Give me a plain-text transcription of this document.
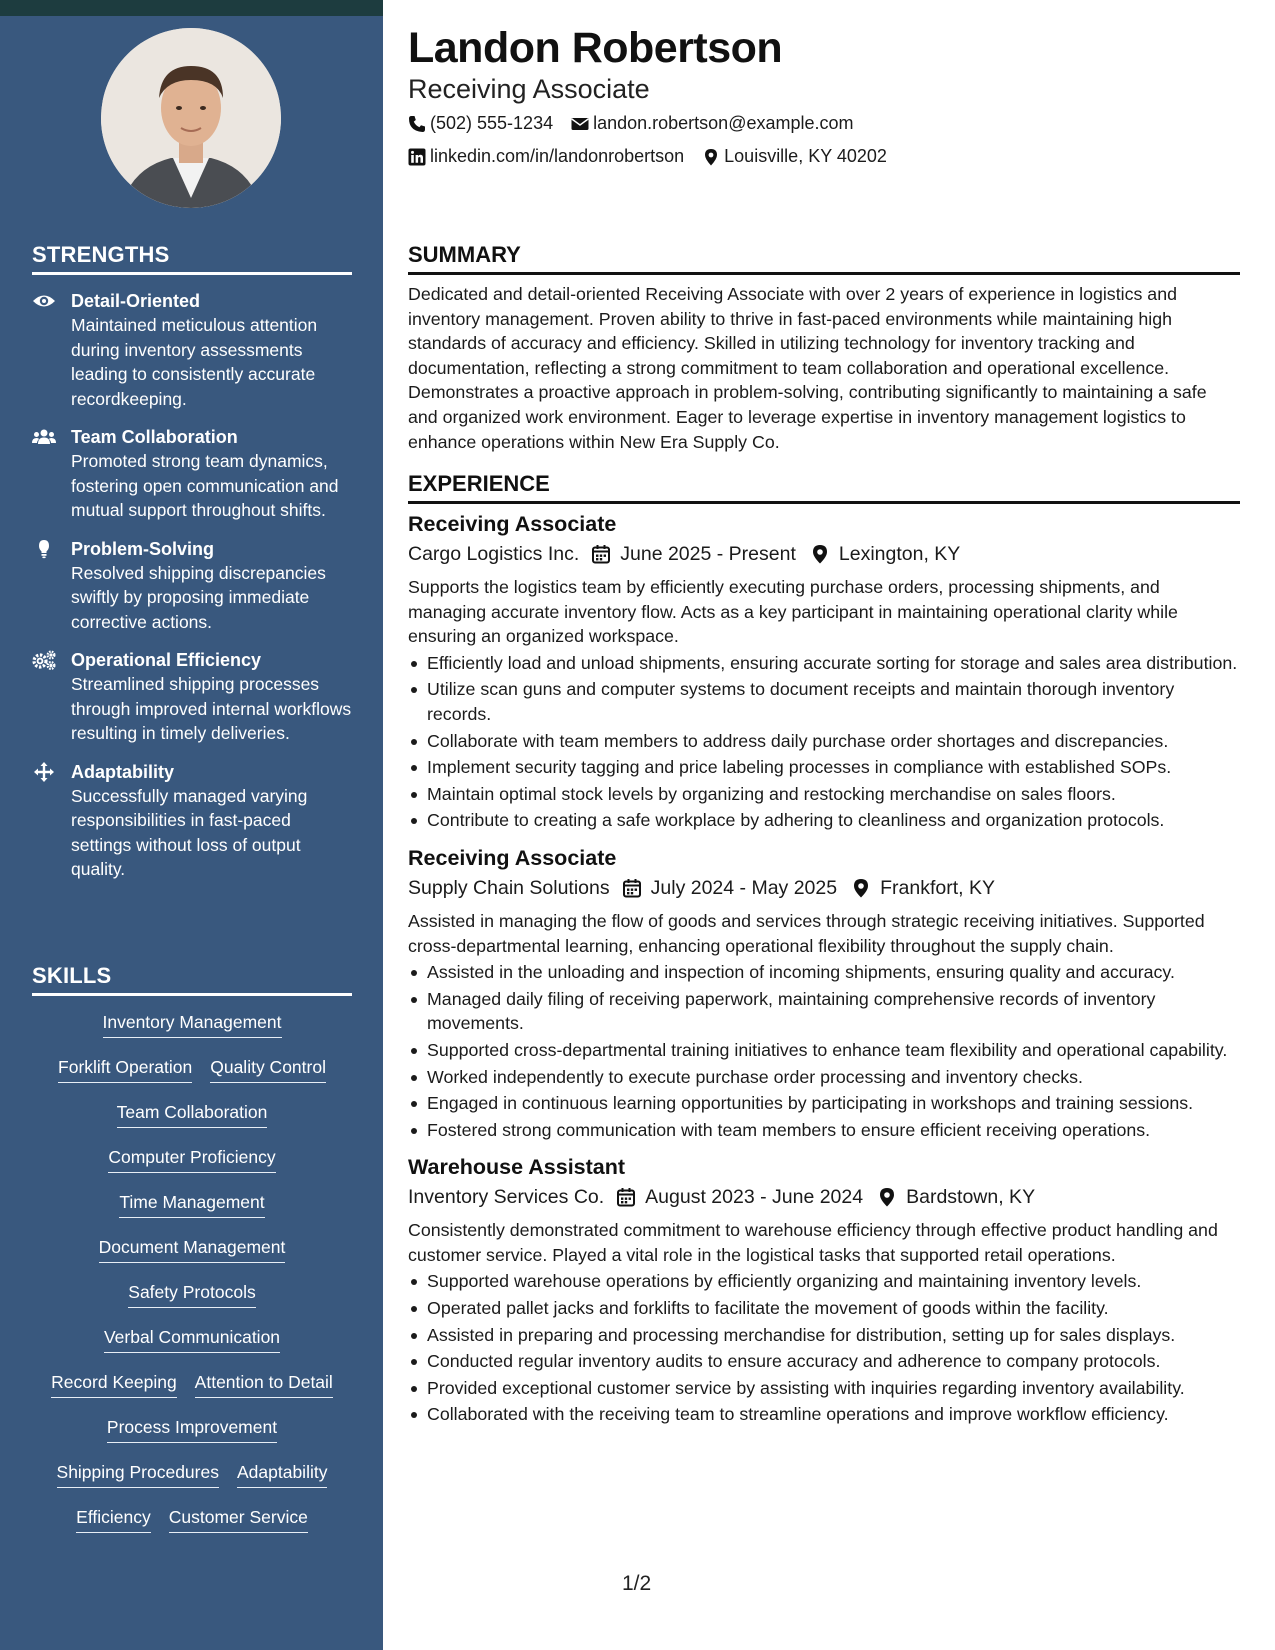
STRENGTHS
Detail-Oriented
Maintained meticulous attention during inventory assessments leading to consistently accurate recordkeeping.
Team Collaboration
Promoted strong team dynamics, fostering open communication and mutual support throughout shifts.
Problem-Solving
Resolved shipping discrepancies swiftly by proposing immediate corrective actions.
Operational Efficiency
Streamlined shipping processes through improved internal workflows resulting in timely deliveries.
Adaptability
Successfully managed varying responsibilities in fast-paced settings without loss of output quality.
SKILLS
Inventory Management
Forklift Operation Quality Control
Team Collaboration
Computer Proficiency
Time Management
Document Management
Safety Protocols
Verbal Communication
Record Keeping Attention to Detail
Process Improvement
Shipping Procedures Adaptability
Efficiency Customer Service
Landon Robertson
Receiving Associate
(502) 555-1234 landon.robertson@example.com
linkedin.com/in/landonrobertson Louisville, KY 40202
SUMMARY
Dedicated and detail-oriented Receiving Associate with over 2 years of experience in logistics and inventory management. Proven ability to thrive in fast-paced environments while maintaining high standards of accuracy and efficiency. Skilled in utilizing technology for inventory tracking and documentation, reflecting a strong commitment to team collaboration and operational excellence. Demonstrates a proactive approach in problem-solving, contributing significantly to maintaining a safe and organized work environment. Eager to leverage expertise in inventory management logistics to enhance operations within New Era Supply Co.
EXPERIENCE
Receiving Associate
Cargo Logistics Inc. June 2025 - Present Lexington, KY
Supports the logistics team by efficiently executing purchase orders, processing shipments, and managing accurate inventory flow. Acts as a key participant in maintaining operational clarity while ensuring an organized workspace.
Efficiently load and unload shipments, ensuring accurate sorting for storage and sales area distribution.
Utilize scan guns and computer systems to document receipts and maintain thorough inventory records.
Collaborate with team members to address daily purchase order shortages and discrepancies.
Implement security tagging and price labeling processes in compliance with established SOPs.
Maintain optimal stock levels by organizing and restocking merchandise on sales floors.
Contribute to creating a safe workplace by adhering to cleanliness and organization protocols.
Receiving Associate
Supply Chain Solutions July 2024 - May 2025 Frankfort, KY
Assisted in managing the flow of goods and services through strategic receiving initiatives. Supported cross-departmental learning, enhancing operational flexibility throughout the supply chain.
Assisted in the unloading and inspection of incoming shipments, ensuring quality and accuracy.
Managed daily filing of receiving paperwork, maintaining comprehensive records of inventory movements.
Supported cross-departmental training initiatives to enhance team flexibility and operational capability.
Worked independently to execute purchase order processing and inventory checks.
Engaged in continuous learning opportunities by participating in workshops and training sessions.
Fostered strong communication with team members to ensure efficient receiving operations.
Warehouse Assistant
Inventory Services Co. August 2023 - June 2024 Bardstown, KY
Consistently demonstrated commitment to warehouse efficiency through effective product handling and customer service. Played a vital role in the logistical tasks that supported retail operations.
Supported warehouse operations by efficiently organizing and maintaining inventory levels.
Operated pallet jacks and forklifts to facilitate the movement of goods within the facility.
Assisted in preparing and processing merchandise for distribution, setting up for sales displays.
Conducted regular inventory audits to ensure accuracy and adherence to company protocols.
Provided exceptional customer service by assisting with inquiries regarding inventory availability.
Collaborated with the receiving team to streamline operations and improve workflow efficiency.
1/2
